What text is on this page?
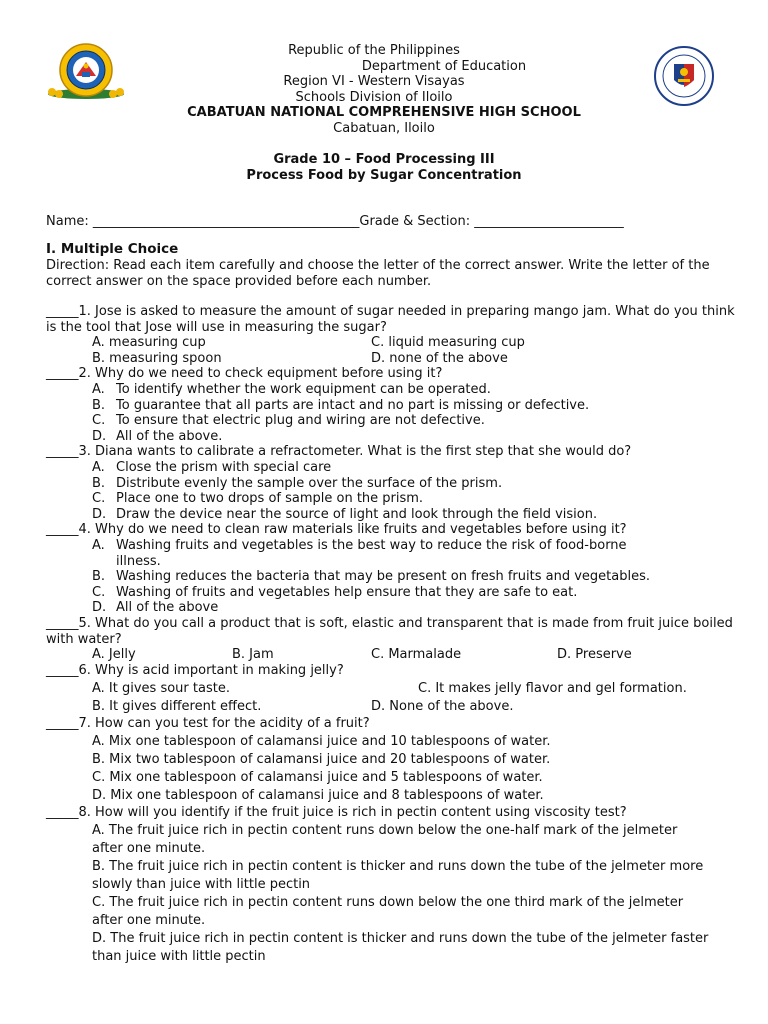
Republic of the Philippines
Department of Education
Region VI - Western Visayas
Schools Division of Iloilo
CABATUAN NATIONAL COMPREHENSIVE HIGH SCHOOL
Cabatuan, Iloilo
Grade 10 – Food Processing III
Process Food by Sugar Concentration
Name: _________________________________________Grade & Section: _______________________
I. Multiple Choice
Direction: Read each item carefully and choose the letter of the correct answer. Write the letter of the correct answer on the space provided before each number.
_____1. Jose is asked to measure the amount of sugar needed in preparing mango jam. What do you think is the tool that Jose will use in measuring the sugar?
A. measuring cup	C. liquid measuring cup
B. measuring spoon	D. none of the above
_____2. Why do we need to check equipment before using it?
A. To identify whether the work equipment can be operated.
B. To guarantee that all parts are intact and no part is missing or defective.
C. To ensure that electric plug and wiring are not defective.
D. All of the above.
_____3. Diana wants to calibrate a refractometer. What is the first step that she would do?
A. Close the prism with special care
B. Distribute evenly the sample over the surface of the prism.
C. Place one to two drops of sample on the prism.
D. Draw the device near the source of light and look through the field vision.
_____4. Why do we need to clean raw materials like fruits and vegetables before using it?
A. Washing fruits and vegetables is the best way to reduce the risk of food-borne illness.
B. Washing reduces the bacteria that may be present on fresh fruits and vegetables.
C. Washing of fruits and vegetables help ensure that they are safe to eat.
D. All of the above
_____5. What do you call a product that is soft, elastic and transparent that is made from fruit juice boiled with water?
A. Jelly	B. Jam	C. Marmalade	D. Preserve
_____6. Why is acid important in making jelly?
A. It gives sour taste.	C. It makes jelly flavor and gel formation.
B. It gives different effect.	D. None of the above.
_____7. How can you test for the acidity of a fruit?
A. Mix one tablespoon of calamansi juice and 10 tablespoons of water.
B. Mix two tablespoon of calamansi juice and 20 tablespoons of water.
C. Mix one tablespoon of calamansi juice and 5 tablespoons of water.
D. Mix one tablespoon of calamansi juice and 8 tablespoons of water.
_____8. How will you identify if the fruit juice is rich in pectin content using viscosity test?
A. The fruit juice rich in pectin content runs down below the one-half mark of the jelmeter after one minute.
B. The fruit juice rich in pectin content is thicker and runs down the tube of the jelmeter more slowly than juice with little pectin
C. The fruit juice rich in pectin content runs down below the one third mark of the jelmeter after one minute.
D. The fruit juice rich in pectin content is thicker and runs down the tube of the jelmeter faster than juice with little pectin
